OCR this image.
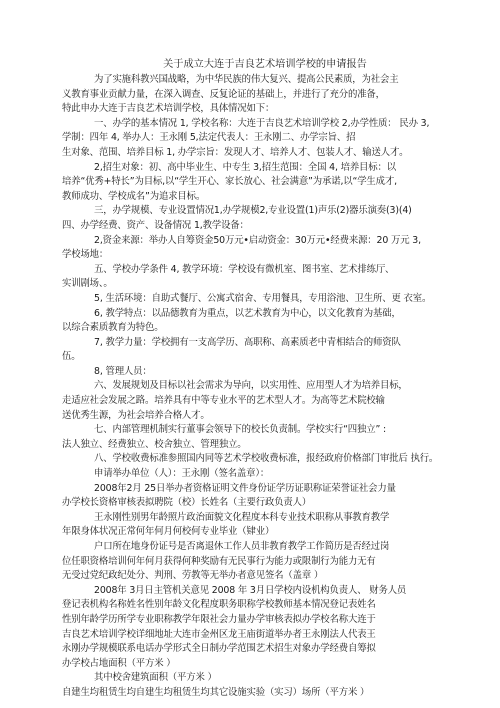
关于成立大连于吉良艺术培训学校的申请报告
为了实施科教兴国战略，为中华民族的伟大复兴、提高公民素质，为社会主
义教育事业贡献力量，在深入调查、反复论证的基础上，并进行了充分的准备，
特此申办大连于吉良艺术培训学校，具体情况如下：
一、办学的基本情况 1, 学校名称：大连于吉良艺术培训学校 2,办学性质： 民办 3,
学制：四年 4, 举办人：王永刚 5,法定代表人：王永刚二、办学宗旨、招
生对象、范围、培养目标 1, 办学宗旨：发现人才、培养人才、包装人才、输送人才。
2,招生对象：初、高中毕业生、中专生 3,招生范围：全国 4, 培养目标：以
培养“优秀+特长”为目标,以“学生开心、家长放心、社会满意”为承诺,以“学生成才,
教师成功、学校成名”为追求目标。
三，办学规模、专业设置情况1,办学规模2,专业设置(1)声乐(2)器乐演奏(3)(4)
四、办学经费、资产、设备情况 1,教学设备：
2,资金来源：举办人自筹资金50万元•启动资金：30万元•经费来源：20 万元 3,
学校场地：
五、学校办学条件 4, 教学环境：学校设有微机室、图书室、艺术排练厅、
实训剧场、。
5, 生活环境：自助式餐厅、公寓式宿舍、专用餐具，专用浴池、卫生所、更 衣室。
6, 教学特点：以品德教育为重点，以艺术教育为中心，以文化教育为基础，
以综合素质教育为特色。
7, 教学力量：学校拥有一支高学历、高职称、高素质老中青相结合的师资队
伍。
8, 管理人员：
六、发展规划及目标以社会需求为导向，以实用性、应用型人才为培养目标，
走适应社会发展之路。培养具有中等专业水平的艺术型人才。为高等艺术院校输
送优秀生源，为社会培养合格人才。
七、内部管理机制实行董事会领导下的校长负责制。学校实行“四独立” :
法人独立、经费独立、校舍独立、管理独立。
八、学校收费标准参照国内同等艺术学校收费标准，报经政府价格部门审批后 执行。
申请举办单位（人）：王永刚（签名盖章）：
2008年2月 25日举办者资格证明文件身份证学历证职称证荣誉证社会力量
办学校长资格审核表拟聘院（校）长姓名（主要行政负责人）
王永刚性别男年龄照片政治面貌文化程度本科专业技术职称从事教育教学
年限身体状况正常何年何月何校何专业毕业（肄业）
户口所在地身份证号是否离退休工作人员非教育教学工作简历是否经过岗
位任职资格培训何年何月获得何种奖励有无民事行为能力或限制行为能力无有
无受过党纪政纪处分、判刑、劳教等无举办者意见签名（盖章 ）
2008年 3月日主管机关意见 2008 年 3月日学校内设机构负责人、 财务人员
登记表机构名称姓名性别年龄文化程度职务职称学校教师基本情况登记表姓名
性别年龄学历所学专业职称教学年限社会力量办学审核表拟办学校名称大连于
吉良艺术培训学校详细地址大连市金州区龙王庙街道举办者王永刚法人代表王
永刚办学规模联系电话办学形式全日制办学范围艺术招生对象办学经费自筹拟
办学校占地面积（平方米 ）
其中校舍建筑面积（平方米 ）
自建生均租赁生均自建生均租赁生均其它设施实验（实习）场所（平方米 ）
